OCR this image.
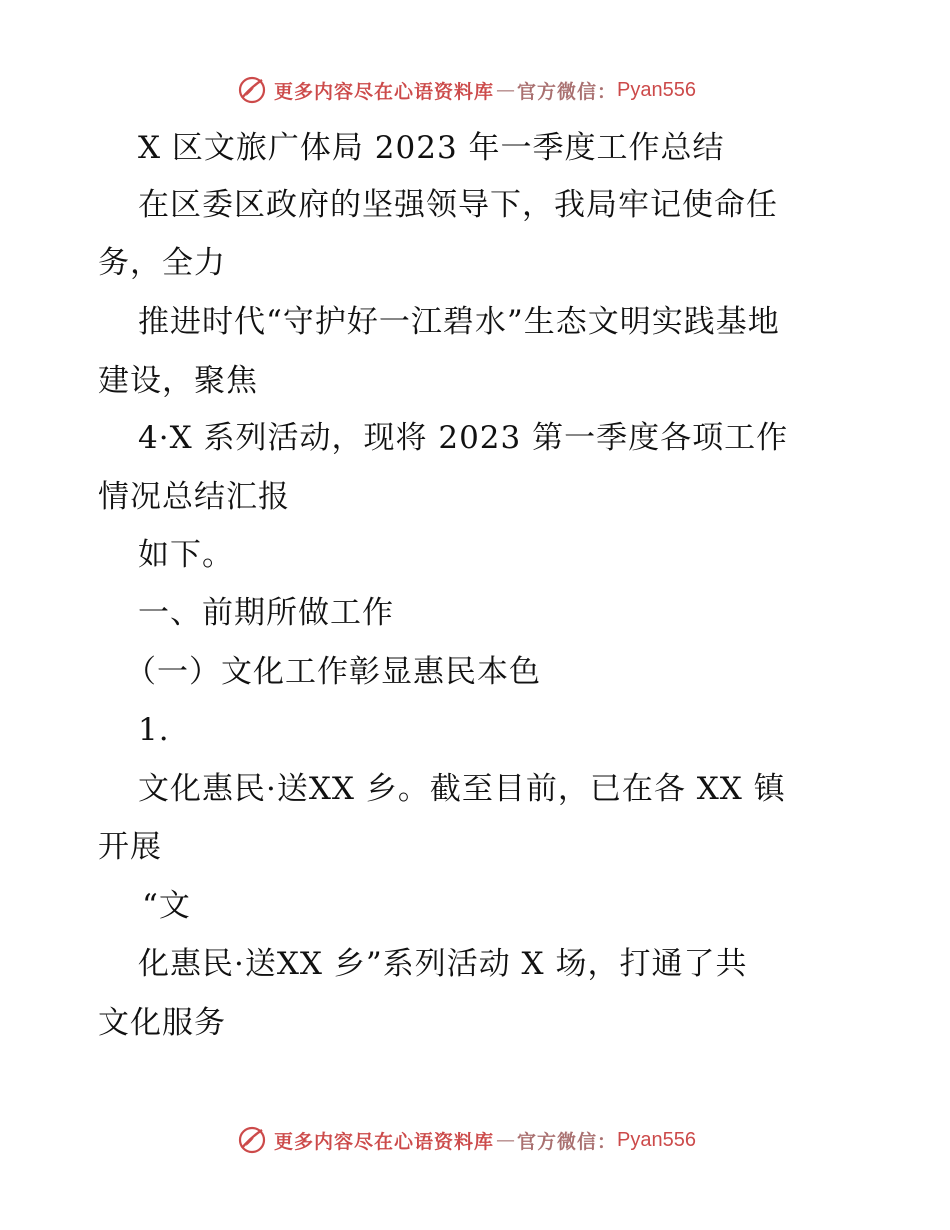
更多内容尽在心语资料库 — 官方微信： Pyan556
X 区文旅广体局 2023 年一季度工作总结
在区委区政府的坚强领导下，我局牢记使命任
务，全力
推进时代“守护好一江碧水”生态文明实践基地
建设，聚焦
4·X 系列活动，现将 2023 第一季度各项工作
情况总结汇报
如下。
一、前期所做工作
（一）文化工作彰显惠民本色
1.
文化惠民·送XX 乡。截至目前，已在各 XX 镇
开展
“文
化惠民·送XX 乡”系列活动 X 场，打通了共
文化服务
更多内容尽在心语资料库 — 官方微信： Pyan556
